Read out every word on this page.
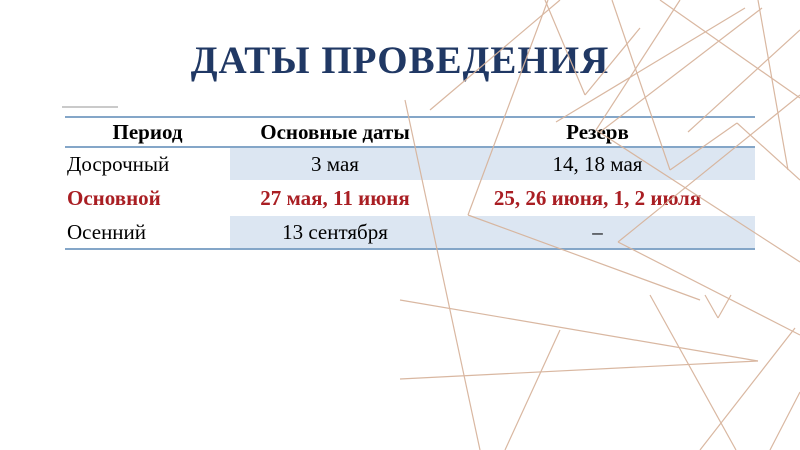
ДАТЫ ПРОВЕДЕНИЯ
Период	Основные даты	Резерв
Досрочный	3 мая	14, 18 мая
Основной	27 мая, 11 июня	25, 26 июня, 1, 2 июля
Осенний	13 сентября	–
